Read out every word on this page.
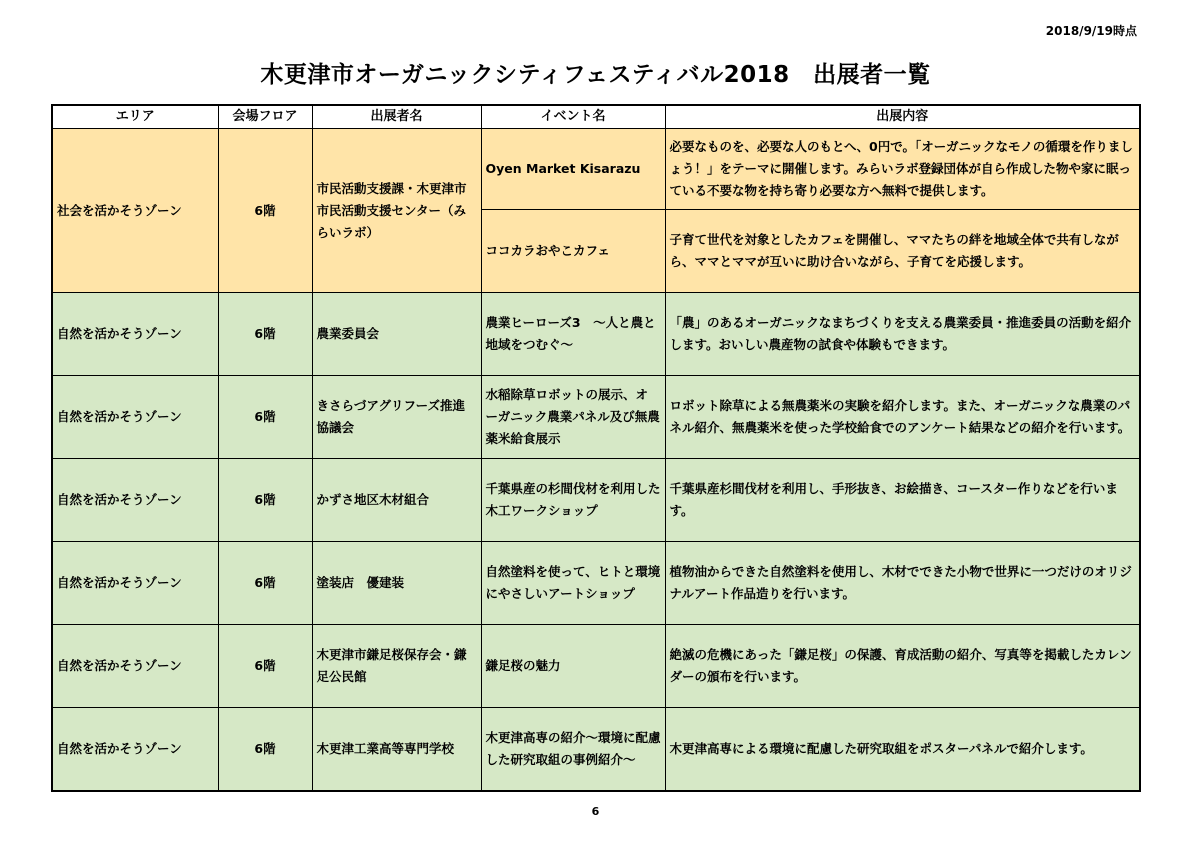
2018/9/19時点
木更津市オーガニックシティフェスティバル2018　出展者一覧
エリア	会場フロア	出展者名	イベント名	出展内容
社会を活かそうゾーン	6階	市民活動支援課・木更津市市民活動支援センター（みらいラボ）	Oyen Market Kisarazu	必要なものを、必要な人のもとへ、0円で。「オーガニックなモノの循環を作りましょう！」をテーマに開催します。みらいラボ登録団体が自ら作成した物や家に眠っている不要な物を持ち寄り必要な方へ無料で提供します。
			ココカラおやこカフェ	子育て世代を対象としたカフェを開催し、ママたちの絆を地域全体で共有しながら、ママとママが互いに助け合いながら、子育てを応援します。
自然を活かそうゾーン	6階	農業委員会	農業ヒーローズ3　～人と農と地域をつむぐ～	「農」のあるオーガニックなまちづくりを支える農業委員・推進委員の活動を紹介します。おいしい農産物の試食や体験もできます。
自然を活かそうゾーン	6階	きさらづアグリフーズ推進協議会	水稲除草ロボットの展示、オーガニック農業パネル及び無農薬米給食展示	ロボット除草による無農薬米の実験を紹介します。また、オーガニックな農業のパネル紹介、無農薬米を使った学校給食でのアンケート結果などの紹介を行います。
自然を活かそうゾーン	6階	かずさ地区木材組合	千葉県産の杉間伐材を利用した木工ワークショップ	千葉県産杉間伐材を利用し、手形抜き、お絵描き、コースター作りなどを行います。
自然を活かそうゾーン	6階	塗装店　優建装	自然塗料を使って、ヒトと環境にやさしいアートショップ	植物油からできた自然塗料を使用し、木材でできた小物で世界に一つだけのオリジナルアート作品造りを行います。
自然を活かそうゾーン	6階	木更津市鎌足桜保存会・鎌足公民館	鎌足桜の魅力	絶滅の危機にあった「鎌足桜」の保護、育成活動の紹介、写真等を掲載したカレンダーの頒布を行います。
自然を活かそうゾーン	6階	木更津工業高等専門学校	木更津高専の紹介～環境に配慮した研究取組の事例紹介～	木更津高専による環境に配慮した研究取組をポスターパネルで紹介します。
6
